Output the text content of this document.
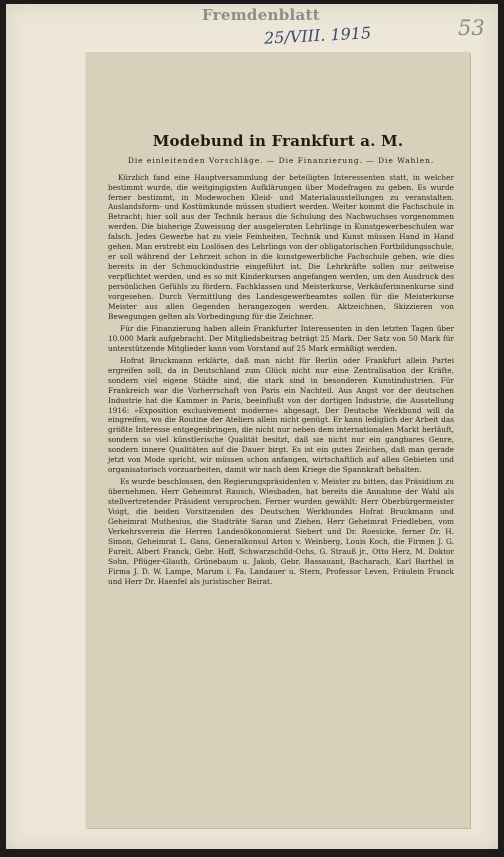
Fremdenblatt
25/VIII. 1915	53
Modebund in Frankfurt a. M.
Die einleitenden Vorschläge. — Die Finanzierung. — Die Wahlen.

Kürzlich fand eine Hauptversammlung der beteiligten Interessenten statt, in welcher bestimmt wurde, die weitgingigsten Aufklärungen über Modefragen zu geben. Es wurde ferner bestimmt, in Modewochen Kleid- und Materialausstellungen zu veranstalten. Auslandsform- und Kostümkunde müssen studiert werden. Weiter kommt die Fachschule in Betracht; hier soll aus der Technik heraus die Schulung des Nachwuchses vorgenommen werden. Die bisherige Zuweisung der ausgelernten Lehrlinge in Kunstgewerbeschulen war falsch. Jedes Gewerbe hat zu viele Feinheiten, Technik und Kunst müssen Hand in Hand gehen. Man erstrebt ein Loslösen des Lehrlings von der obligatorischen Fortbildungsschule, er soll während der Lehrzeit schon in die kunstgewerbliche Fachschule gehen, wie dies bereits in der Schmuckindustrie eingeführt ist. Die Lehrkräfte sollen nur zeitweise verpflichtet werden, und es so mit Kinderkursen angefangen werden, um den Ausdruck des persönlichen Gefühls zu fördern. Fachklassen und Meisterkurse, Verkäuferinnenkurse sind vorgesehen. Durch Vermittlung des Landesgewerbeamtes sollen für die Meisterkurse Meister aus allen Gegenden herangezogen werden. Aktzeichnen, Skizzieren von Bewegungen gelten als Vorbedingung für die Zeichner.

Für die Finanzierung haben allein Frankfurter Interessenten in den letzten Tagen über 10.000 Mark aufgebracht. Der Mitgliedsbeitrag beträgt 25 Mark. Der Satz von 50 Mark für unterstützende Mitglieder kann vom Vorstand auf 25 Mark ermäßigt werden.

Hofrat Bruckmann erklärte, daß man nicht für Berlin oder Frankfurt allein Partei ergreifen soll, da in Deutschland zum Glück nicht nur eine Zentralisation der Kräfte, sondern viel eigene Städte sind, die stark sind in besonderen Kunstindustrien. Für Frankreich war die Vorherrschaft von Paris ein Nachteil. Aus Angst vor der deutschen Industrie hat die Kammer in Paris, beeinflußt von der dortigen Industrie, die Ausstellung 1916: »Exposition exclusivement moderne« abgesagt. Der Deutsche Werkbund will da eingreifen, wo die Routine der Ateliers allein nicht genügt. Er kann lediglich der Arbeit das größte Interesse entgegenbringen, die nicht nur neben dem internationalen Markt herläuft, sondern so viel künstlerische Qualität besitzt, daß sie nicht nur ein gangbares Genre, sondern innere Qualitäten auf die Dauer birgt. Es ist ein gutes Zeichen, daß man gerade jetzt von Mode spricht, wir müssen schon anfangen, wirtschaftlich auf allen Gebieten und organisatorisch vorzuarbeiten, damit wir nach dem Kriege die Spannkraft behalten.

Es wurde beschlossen, den Regierungspräsidenten v. Meister zu bitten, das Präsidium zu übernehmen. Herr Geheimrat Rausch, Wiesbaden, hat bereits die Annahme der Wahl als stellvertretender Präsident versprochen. Ferner wurden gewählt: Herr Oberbürgermeister Voigt, die beiden Vorsitzenden des Deutschen Werkbundes Hofrat Bruckmann und Geheimrat Muthesius, die Stadträte Saran und Ziehen, Herr Geheimrat Friedleben, vom Verkehrsverein die Herren Landesökonomierat Siebert und Dr. Roesicke, ferner Dr. H. Simon, Geheimrat L. Gans, Generalkonsul Arton v. Weinberg, Louis Koch, die Firmen J. G. Fureit, Albert Franck, Gebr. Hoff, Schwarzschild-Ochs, G. Strauß jr., Otto Herz, M. Doktor Sohn, Pflüger-Glauth, Grünebaum u. Jakob, Gebr. Bassauant, Bacharach, Karl Barthel in Firma J. D. W. Lampe, Marum i. Fa. Landauer u. Stern, Professor Leven, Fräulein Franck und Herr Dr. Haenfel als juristischer Beirat.
